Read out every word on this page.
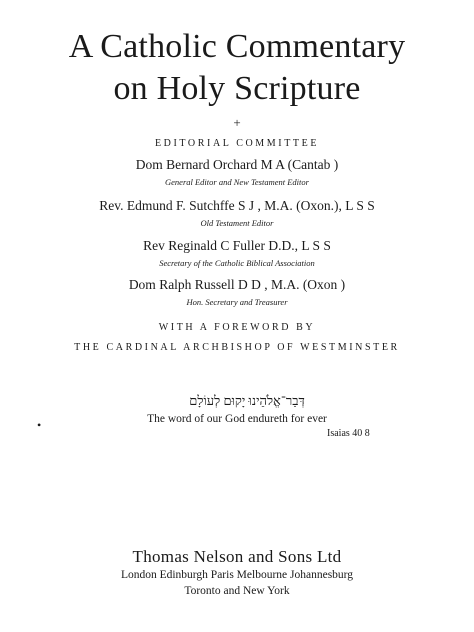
A Catholic Commentary
on Holy Scripture
+
EDITORIAL COMMITTEE
Dom Bernard Orchard M A (Cantab )
General Editor and New Testament Editor
Rev. Edmund F. Sutchffe S J , M.A. (Oxon.), L S S
Old Testament Editor
Rev Reginald C Fuller D.D., L S S
Secretary of the Catholic Biblical Association
Dom Ralph Russell D D , M.A. (Oxon )
Hon. Secretary and Treasurer
WITH A FOREWORD BY
THE CARDINAL ARCHBISHOP OF WESTMINSTER
דְּבַר־אֱלֹהֵינוּ יָקוּם לְעוֹלָם
The word of our God endureth for ever
Isaias 40 8
•
Thomas Nelson and Sons Ltd
London Edinburgh Paris Melbourne Johannesburg
Toronto and New York
